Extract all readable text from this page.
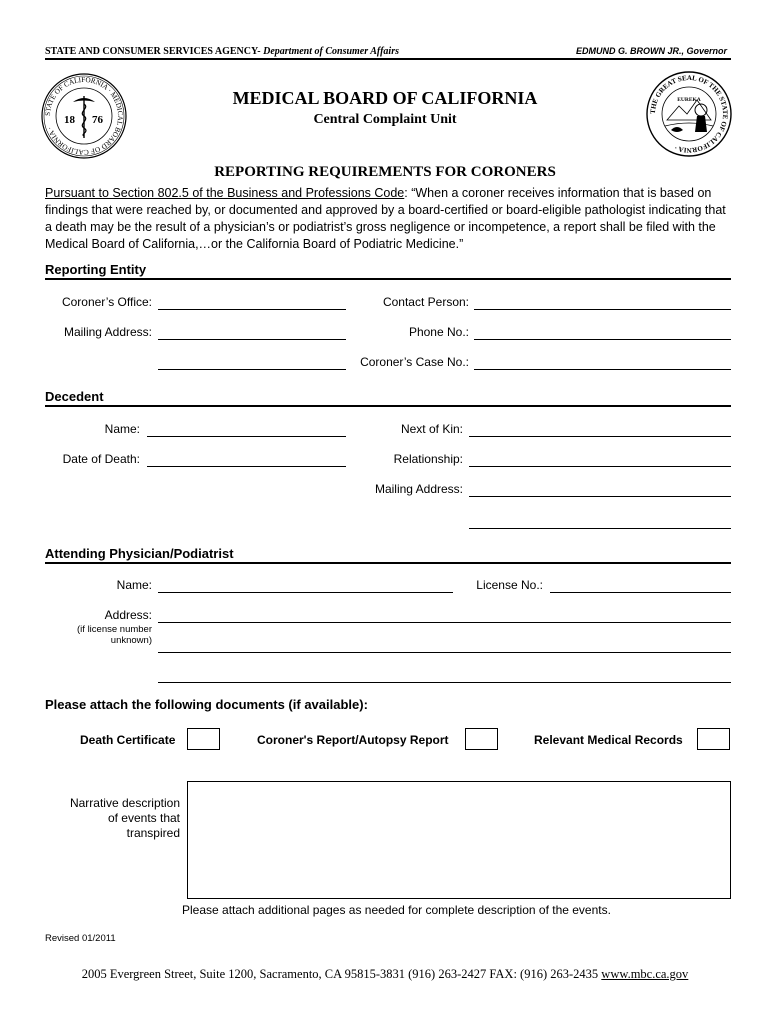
STATE AND CONSUMER SERVICES AGENCY- Department of Consumer Affairs	EDMUND G. BROWN JR., Governor
STATE OF CALIFORNIA · MEDICAL BOARD OF CALIFORNIA ·
18 76
THE GREAT SEAL OF THE STATE OF CALIFORNIA ·
EUREKA
MEDICAL BOARD OF CALIFORNIA
Central Complaint Unit
REPORTING REQUIREMENTS FOR CORONERS
Pursuant to Section 802.5 of the Business and Professions Code: “When a coroner receives information that is based on findings that were reached by, or documented and approved by a board-certified or board-eligible pathologist indicating that a death may be the result of a physician’s or podiatrist’s gross negligence or incompetence, a report shall be filed with the Medical Board of California,…or the California Board of Podiatric Medicine.”
Reporting Entity
Coroner’s Office:	Contact Person:
Mailing Address:	Phone No.:
Coroner’s Case No.:
Decedent
Name:	Next of Kin:
Date of Death:	Relationship:
Mailing Address:
Attending Physician/Podiatrist
Name:	License No.:
Address:
(if license number
unknown)
Please attach the following documents (if available):
Death Certificate	Coroner's Report/Autopsy Report	Relevant Medical Records
Narrative description
of events that
transpired
Please attach additional pages as needed for complete description of the events.
Revised 01/2011
2005 Evergreen Street, Suite 1200, Sacramento, CA 95815-3831 (916) 263-2427 FAX: (916) 263-2435 www.mbc.ca.gov
